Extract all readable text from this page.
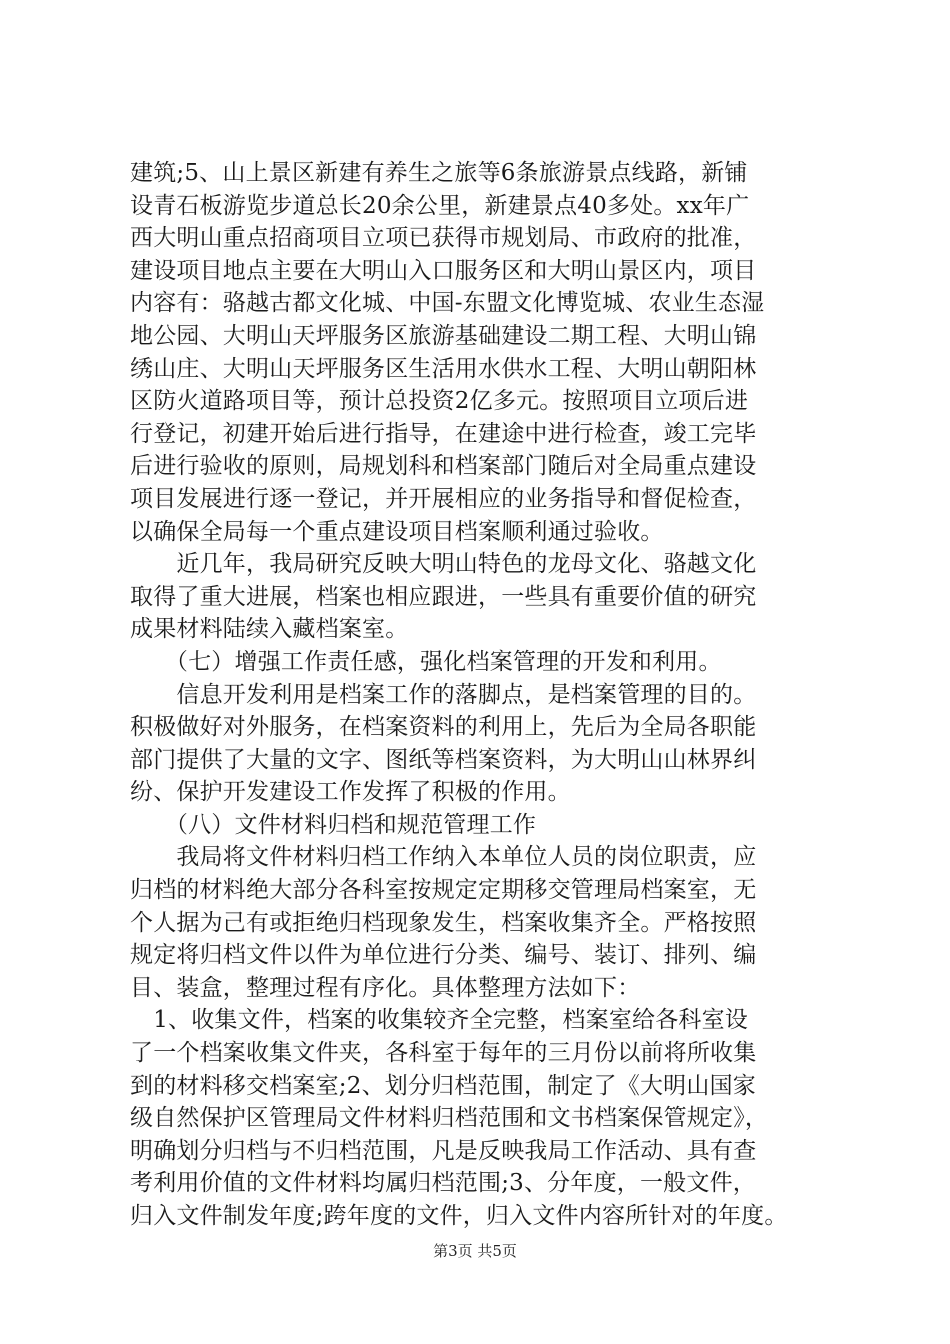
建筑;5、山上景区新建有养生之旅等6条旅游景点线路，新铺
设青石板游览步道总长20余公里，新建景点40多处。xx年广
西大明山重点招商项目立项已获得市规划局、市政府的批准，
建设项目地点主要在大明山入口服务区和大明山景区内，项目
内容有：骆越古都文化城、中国-东盟文化博览城、农业生态湿
地公园、大明山天坪服务区旅游基础建设二期工程、大明山锦
绣山庄、大明山天坪服务区生活用水供水工程、大明山朝阳林
区防火道路项目等，预计总投资2亿多元。按照项目立项后进
行登记，初建开始后进行指导，在建途中进行检查，竣工完毕
后进行验收的原则，局规划科和档案部门随后对全局重点建设
项目发展进行逐一登记，并开展相应的业务指导和督促检查，
以确保全局每一个重点建设项目档案顺利通过验收。
　　近几年，我局研究反映大明山特色的龙母文化、骆越文化
取得了重大进展，档案也相应跟进，一些具有重要价值的研究
成果材料陆续入藏档案室。
　　（七）增强工作责任感，强化档案管理的开发和利用。
　　信息开发利用是档案工作的落脚点，是档案管理的目的。
积极做好对外服务，在档案资料的利用上，先后为全局各职能
部门提供了大量的文字、图纸等档案资料，为大明山山林界纠
纷、保护开发建设工作发挥了积极的作用。
　　（八）文件材料归档和规范管理工作
　　我局将文件材料归档工作纳入本单位人员的岗位职责，应
归档的材料绝大部分各科室按规定定期移交管理局档案室，无
个人据为己有或拒绝归档现象发生，档案收集齐全。严格按照
规定将归档文件以件为单位进行分类、编号、装订、排列、编
目、装盒，整理过程有序化。具体整理方法如下：
　1、收集文件，档案的收集较齐全完整，档案室给各科室设
了一个档案收集文件夹，各科室于每年的三月份以前将所收集
到的材料移交档案室;2、划分归档范围，制定了《大明山国家
级自然保护区管理局文件材料归档范围和文书档案保管规定》，
明确划分归档与不归档范围，凡是反映我局工作活动、具有查
考利用价值的文件材料均属归档范围;3、分年度，一般文件，
归入文件制发年度;跨年度的文件，归入文件内容所针对的年度。
第3页 共5页
